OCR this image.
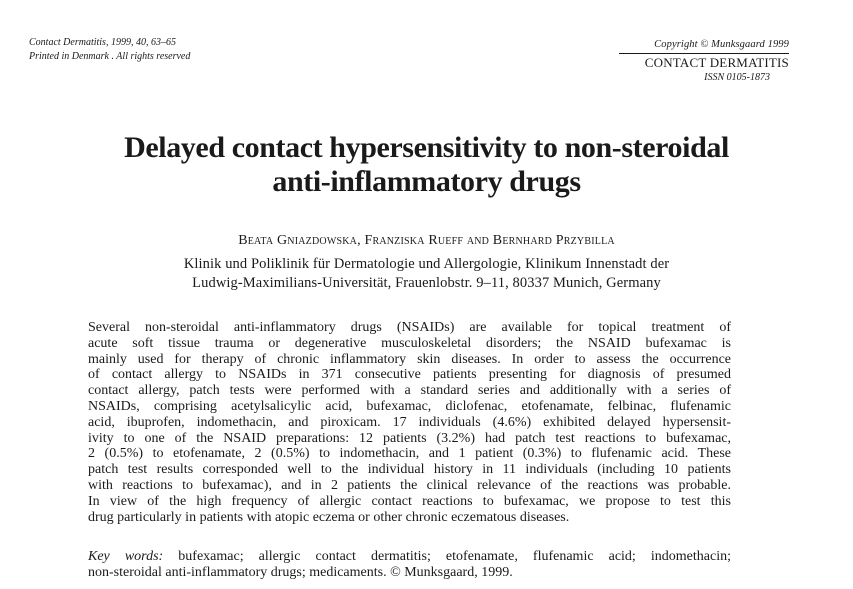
Contact Dermatitis, 1999, 40, 63–65
Printed in Denmark . All rights reserved
Copyright © Munksgaard 1999
CONTACT DERMATITIS
ISSN 0105-1873
Delayed contact hypersensitivity to non-steroidal
anti-inflammatory drugs
Beata Gniazdowska, Franziska Rueff and Bernhard Przybilla
Klinik und Poliklinik für Dermatologie und Allergologie, Klinikum Innenstadt der
Ludwig-Maximilians-Universität, Frauenlobstr. 9–11, 80337 Munich, Germany
Several non-steroidal anti-inflammatory drugs (NSAIDs) are available for topical treatment of
acute soft tissue trauma or degenerative musculoskeletal disorders; the NSAID bufexamac is
mainly used for therapy of chronic inflammatory skin diseases. In order to assess the occurrence
of contact allergy to NSAIDs in 371 consecutive patients presenting for diagnosis of presumed
contact allergy, patch tests were performed with a standard series and additionally with a series of
NSAIDs, comprising acetylsalicylic acid, bufexamac, diclofenac, etofenamate, felbinac, flufenamic
acid, ibuprofen, indomethacin, and piroxicam. 17 individuals (4.6%) exhibited delayed hypersensit-
ivity to one of the NSAID preparations: 12 patients (3.2%) had patch test reactions to bufexamac,
2 (0.5%) to etofenamate, 2 (0.5%) to indomethacin, and 1 patient (0.3%) to flufenamic acid. These
patch test results corresponded well to the individual history in 11 individuals (including 10 patients
with reactions to bufexamac), and in 2 patients the clinical relevance of the reactions was probable.
In view of the high frequency of allergic contact reactions to bufexamac, we propose to test this
drug particularly in patients with atopic eczema or other chronic eczematous diseases.
Key words: bufexamac; allergic contact dermatitis; etofenamate, flufenamic acid; indomethacin;
non-steroidal anti-inflammatory drugs; medicaments. © Munksgaard, 1999.
